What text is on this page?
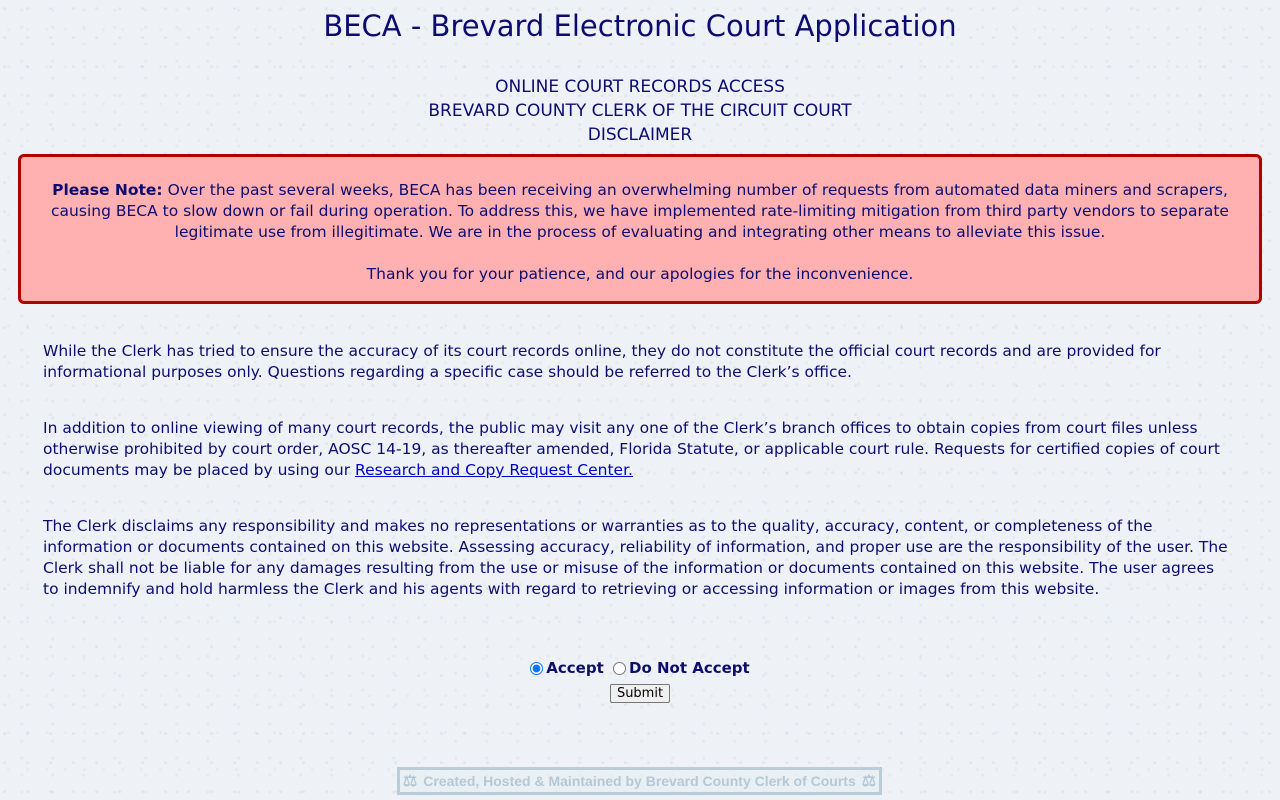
BECA - Brevard Electronic Court Application
ONLINE COURT RECORDS ACCESS
BREVARD COUNTY CLERK OF THE CIRCUIT COURT
DISCLAIMER

Please Note: Over the past several weeks, BECA has been receiving an overwhelming number of requests from automated data miners and scrapers, causing BECA to slow down or fail during operation. To address this, we have implemented rate-limiting mitigation from third party vendors to separate legitimate use from illegitimate. We are in the process of evaluating and integrating other means to alleviate this issue.

Thank you for your patience, and our apologies for the inconvenience.

While the Clerk has tried to ensure the accuracy of its court records online, they do not constitute the official court records and are provided for informational purposes only. Questions regarding a specific case should be referred to the Clerk’s office.
In addition to online viewing of many court records, the public may visit any one of the Clerk’s branch offices to obtain copies from court files unless otherwise prohibited by court order, AOSC 14-19, as thereafter amended, Florida Statute, or applicable court rule. Requests for certified copies of court documents may be placed by using our Research and Copy Request Center.
The Clerk disclaims any responsibility and makes no representations or warranties as to the quality, accuracy, content, or completeness of the information or documents contained on this website. Assessing accuracy, reliability of information, and proper use are the responsibility of the user. The Clerk shall not be liable for any damages resulting from the use or misuse of the information or documents contained on this website. The user agrees to indemnify and hold harmless the Clerk and his agents with regard to retrieving or accessing information or images from this website.
Accept
Do Not Accept
Submit
⚖ Created, Hosted & Maintained by Brevard County Clerk of Courts ⚖
